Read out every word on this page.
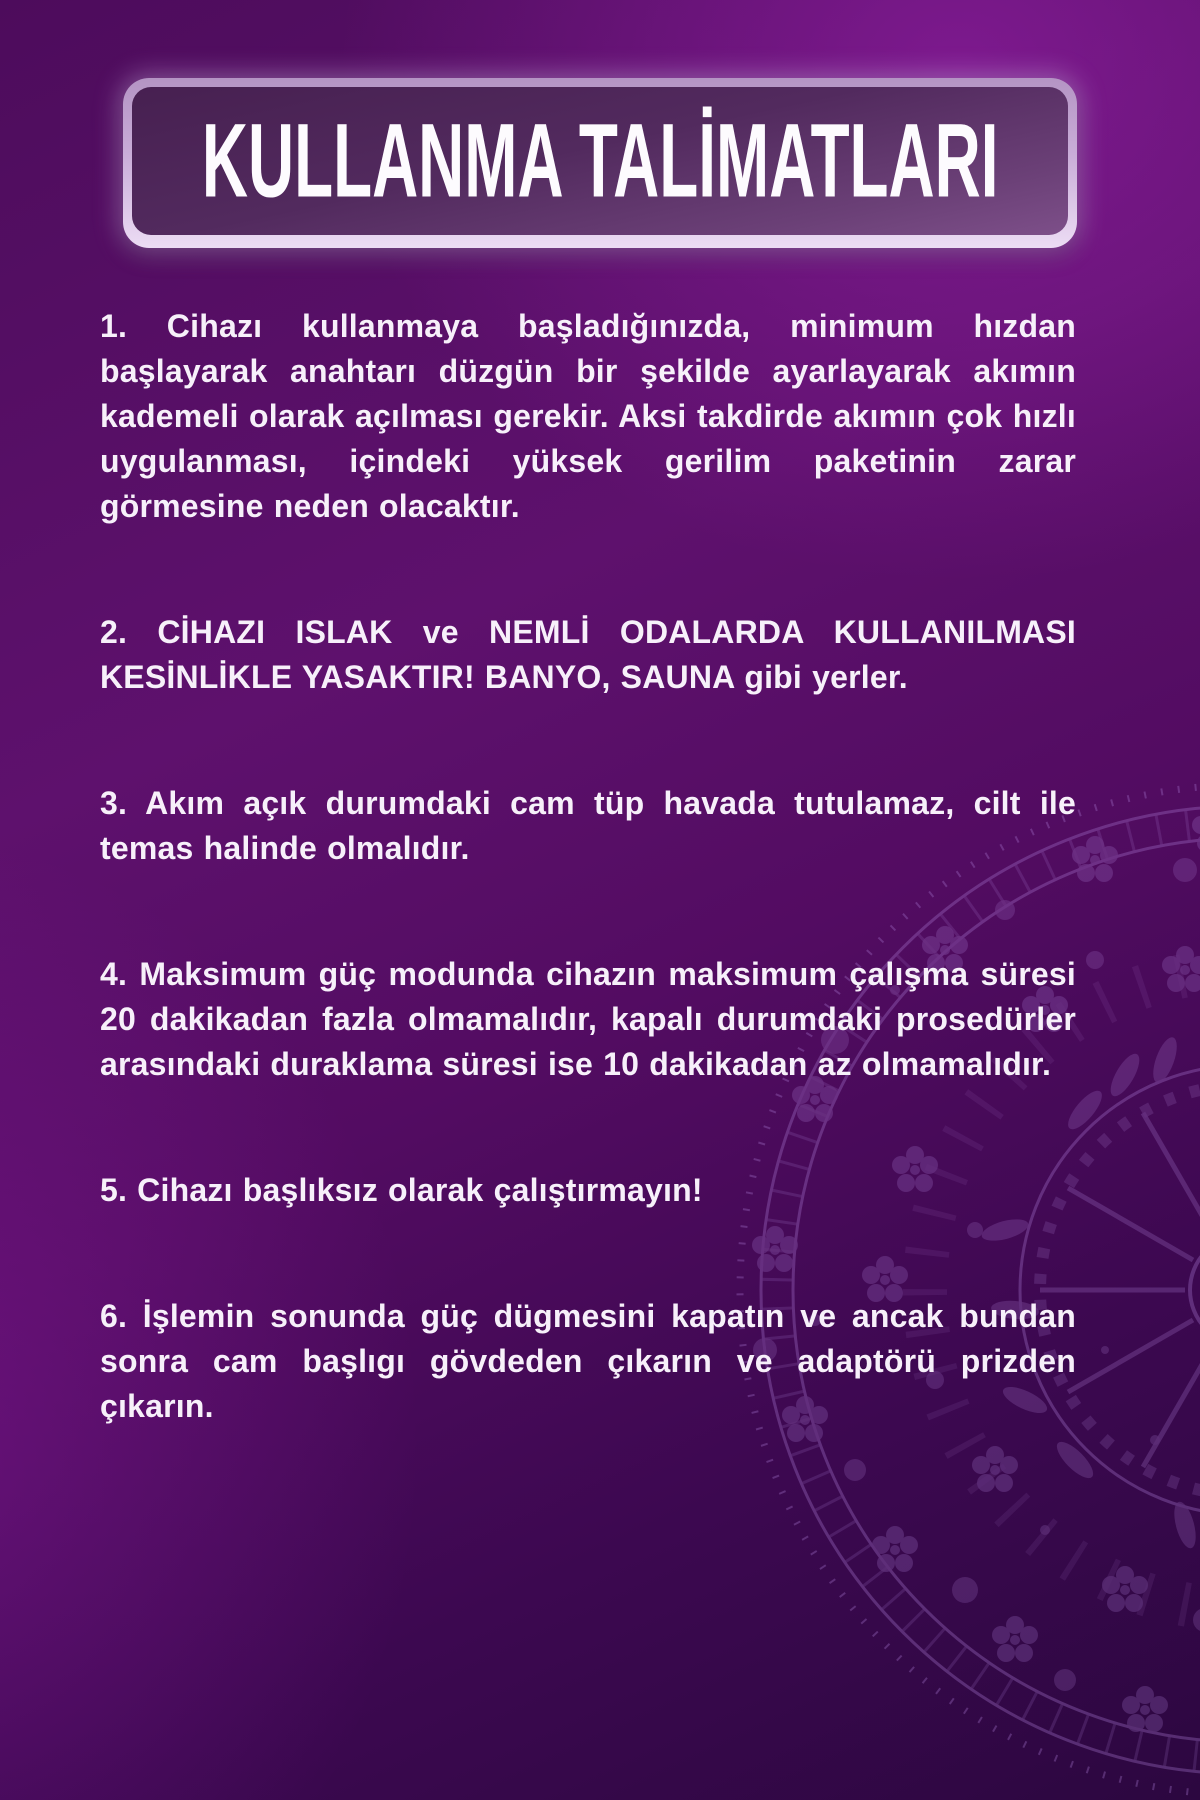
KULLANMA TALİMATLARI

1. Cihazı kullanmaya başladığınızda, minimum hızdan başlayarak anahtarı düzgün bir şekilde ayarlayarak akımın kademeli olarak açılması gerekir. Aksi takdirde akımın çok hızlı uygulanması, içindeki yüksek gerilim paketinin zarar görmesine neden olacaktır.

2. CİHAZI ISLAK ve NEMLİ ODALARDA KULLANILMASI KESİNLİKLE YASAKTIR! BANYO, SAUNA gibi yerler.

3. Akım açık durumdaki cam tüp havada tutulamaz, cilt ile temas halinde olmalıdır.

4. Maksimum güç modunda cihazın maksimum çalışma süresi 20 dakikadan fazla olmamalıdır, kapalı durumdaki prosedürler arasındaki duraklama süresi ise 10 dakikadan az olmamalıdır.

5. Cihazı başlıksız olarak çalıştırmayın!

6. İşlemin sonunda güç dügmesini kapatın ve ancak bundan sonra cam başlıgı gövdeden çıkarın ve adaptörü prizden çıkarın.
